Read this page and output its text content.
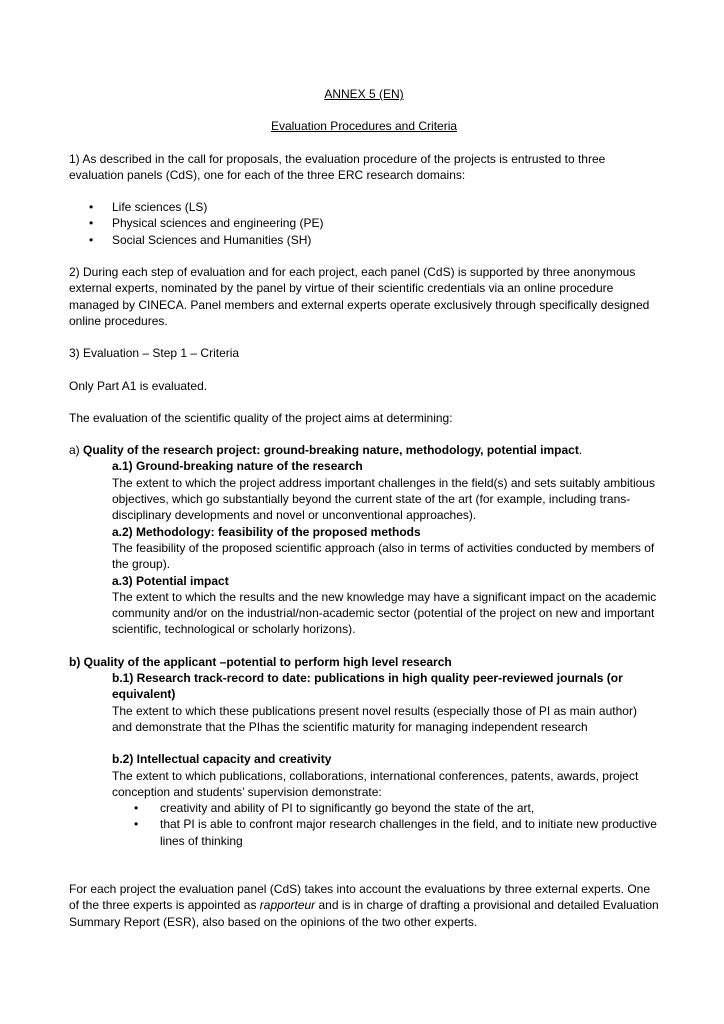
ANNEX 5 (EN)
Evaluation Procedures and Criteria

1) As described in the call for proposals, the evaluation procedure of the projects is entrusted to three evaluation panels (CdS), one for each of the three ERC research domains:

• Life sciences (LS)
• Physical sciences and engineering (PE)
• Social Sciences and Humanities (SH)

2) During each step of evaluation and for each project, each panel (CdS) is supported by three anonymous external experts, nominated by the panel by virtue of their scientific credentials via an online procedure managed by CINECA. Panel members and external experts operate exclusively through specifically designed online procedures.

3) Evaluation – Step 1 – Criteria

Only Part A1 is evaluated.

The evaluation of the scientific quality of the project aims at determining:

a) Quality of the research project: ground-breaking nature, methodology, potential impact.
a.1) Ground-breaking nature of the research
The extent to which the project address important challenges in the field(s) and sets suitably ambitious objectives, which go substantially beyond the current state of the art (for example, including trans-disciplinary developments and novel or unconventional approaches).
a.2) Methodology: feasibility of the proposed methods
The feasibility of the proposed scientific approach (also in terms of activities conducted by members of the group).
a.3) Potential impact
The extent to which the results and the new knowledge may have a significant impact on the academic community and/or on the industrial/non-academic sector (potential of the project on new and important scientific, technological or scholarly horizons).
b) Quality of the applicant –potential to perform high level research
b.1) Research track-record to date: publications in high quality peer-reviewed journals (or equivalent)
The extent to which these publications present novel results (especially those of PI as main author) and demonstrate that the PIhas the scientific maturity for managing independent research
b.2) Intellectual capacity and creativity
The extent to which publications, collaborations, international conferences, patents, awards, project conception and students’ supervision demonstrate:
• creativity and ability of PI to significantly go beyond the state of the art,
• that PI is able to confront major research challenges in the field, and to initiate new productive lines of thinking

For each project the evaluation panel (CdS) takes into account the evaluations by three external experts. One of the three experts is appointed as rapporteur and is in charge of drafting a provisional and detailed Evaluation Summary Report (ESR), also based on the opinions of the two other experts.
